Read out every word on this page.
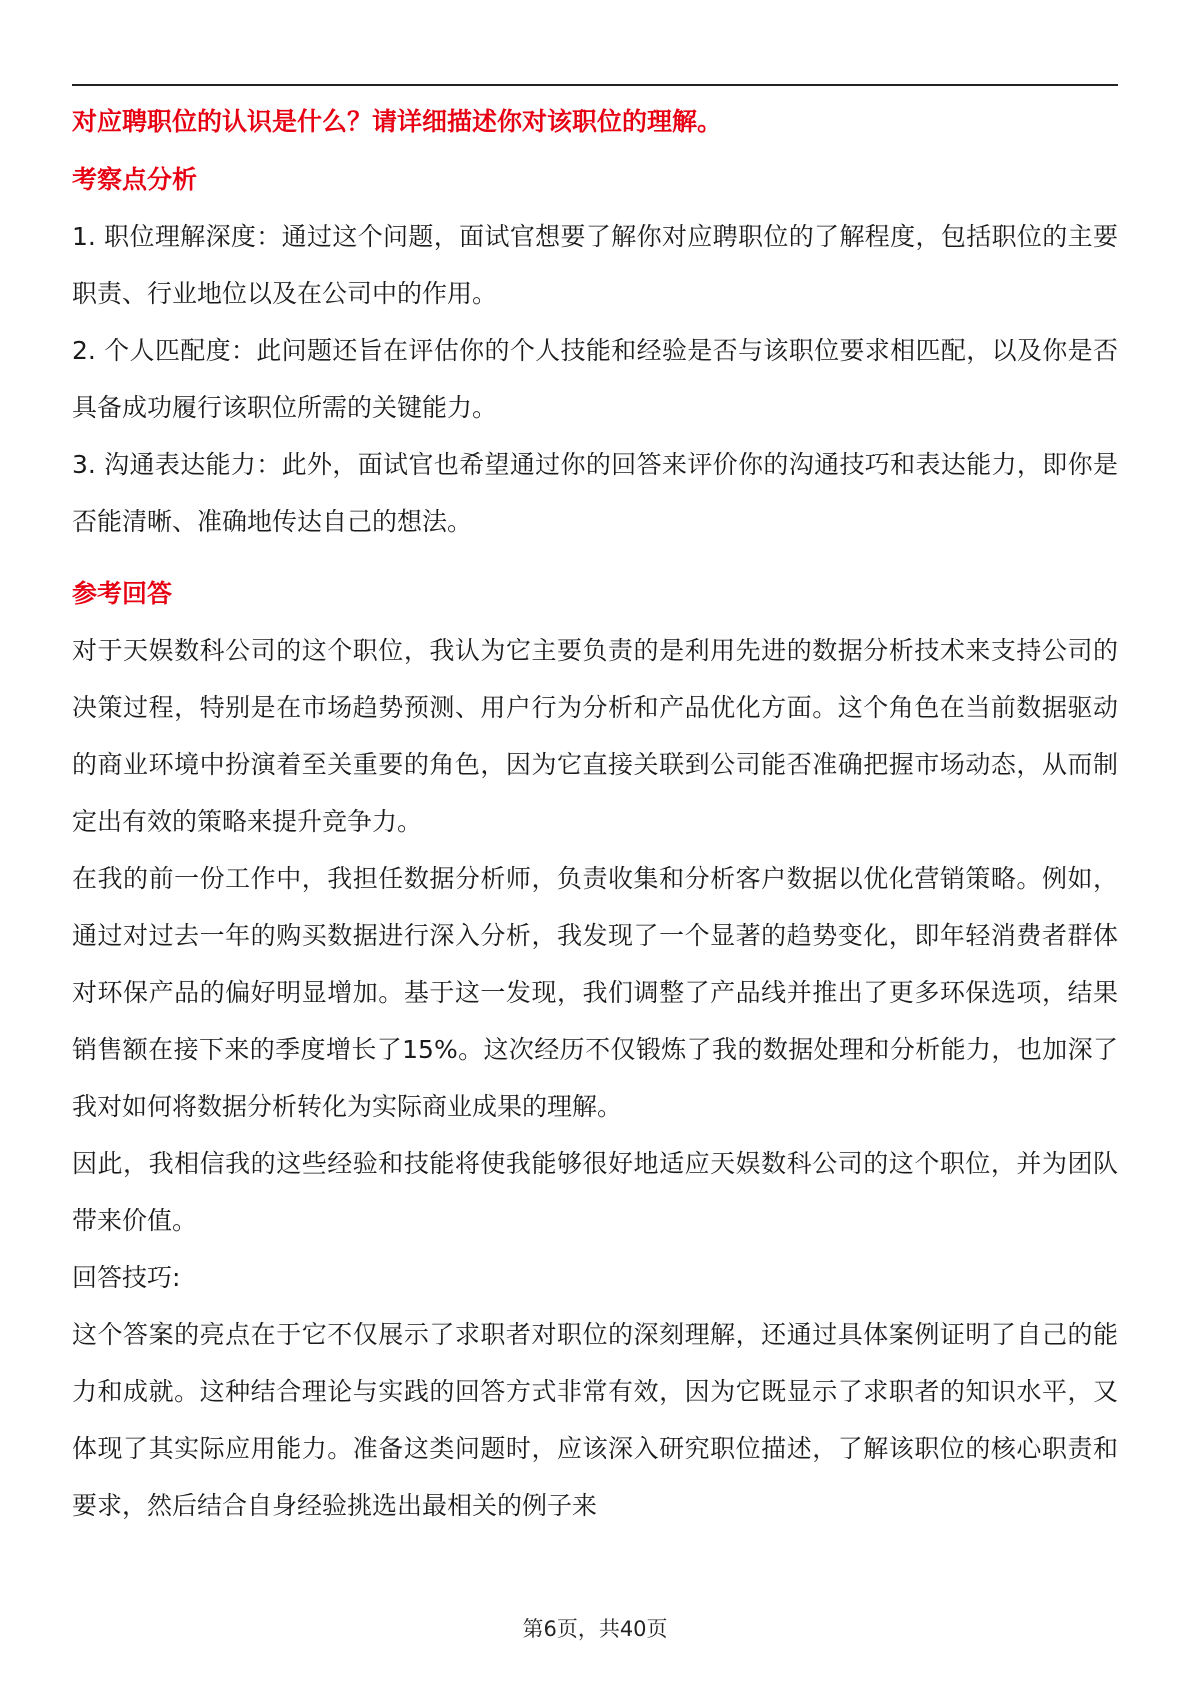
对应聘职位的认识是什么？请详细描述你对该职位的理解。

考察点分析

1. 职位理解深度：通过这个问题，面试官想要了解你对应聘职位的了解程度，包括职位的主要职责、行业地位以及在公司中的作用。

2. 个人匹配度：此问题还旨在评估你的个人技能和经验是否与该职位要求相匹配，以及你是否具备成功履行该职位所需的关键能力。

3. 沟通表达能力：此外，面试官也希望通过你的回答来评价你的沟通技巧和表达能力，即你是否能清晰、准确地传达自己的想法。

参考回答

对于天娱数科公司的这个职位，我认为它主要负责的是利用先进的数据分析技术来支持公司的决策过程，特别是在市场趋势预测、用户行为分析和产品优化方面。这个角色在当前数据驱动的商业环境中扮演着至关重要的角色，因为它直接关联到公司能否准确把握市场动态，从而制定出有效的策略来提升竞争力。

在我的前一份工作中，我担任数据分析师，负责收集和分析客户数据以优化营销策略。例如，通过对过去一年的购买数据进行深入分析，我发现了一个显著的趋势变化，即年轻消费者群体对环保产品的偏好明显增加。基于这一发现，我们调整了产品线并推出了更多环保选项，结果销售额在接下来的季度增长了15%。这次经历不仅锻炼了我的数据处理和分析能力，也加深了我对如何将数据分析转化为实际商业成果的理解。

因此，我相信我的这些经验和技能将使我能够很好地适应天娱数科公司的这个职位，并为团队带来价值。

回答技巧:

这个答案的亮点在于它不仅展示了求职者对职位的深刻理解，还通过具体案例证明了自己的能力和成就。这种结合理论与实践的回答方式非常有效，因为它既显示了求职者的知识水平，又体现了其实际应用能力。准备这类问题时，应该深入研究职位描述，了解该职位的核心职责和要求，然后结合自身经验挑选出最相关的例子来

第6页，共40页
